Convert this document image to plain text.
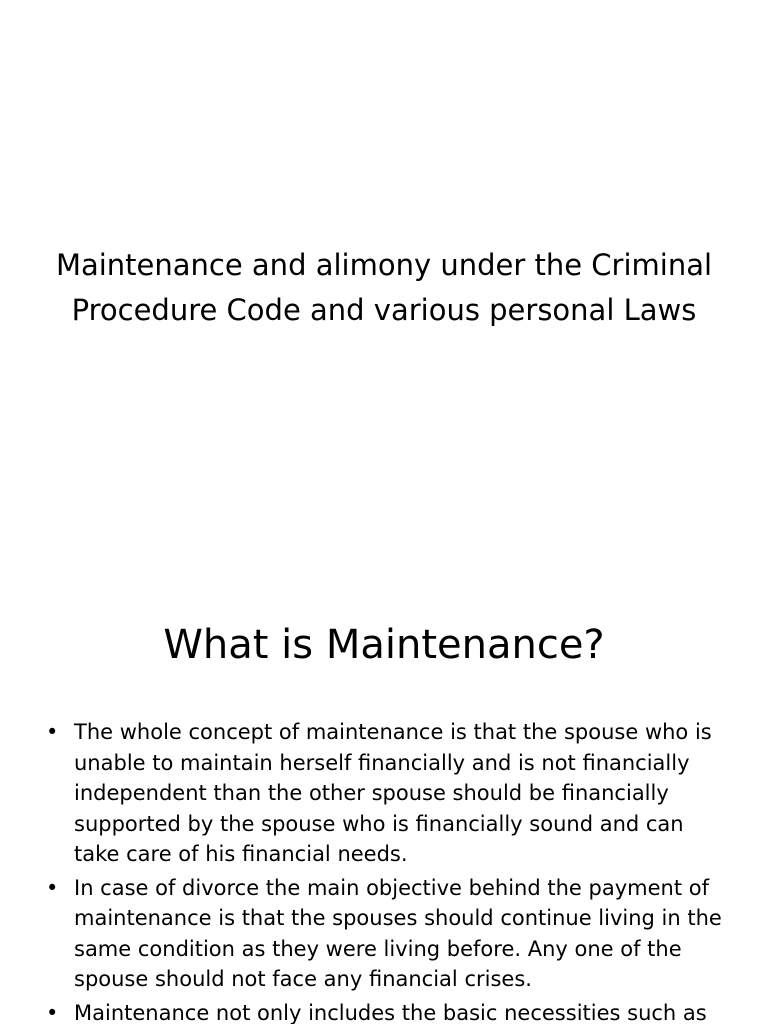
Maintenance and alimony under the Criminal Procedure Code and various personal Laws
What is Maintenance?
• The whole concept of maintenance is that the spouse who is unable to maintain herself financially and is not financially independent than the other spouse should be financially supported by the spouse who is financially sound and can take care of his financial needs.
• In case of divorce the main objective behind the payment of maintenance is that the spouses should continue living in the same condition as they were living before. Any one of the spouse should not face any financial crises.
• Maintenance not only includes the basic necessities such as
